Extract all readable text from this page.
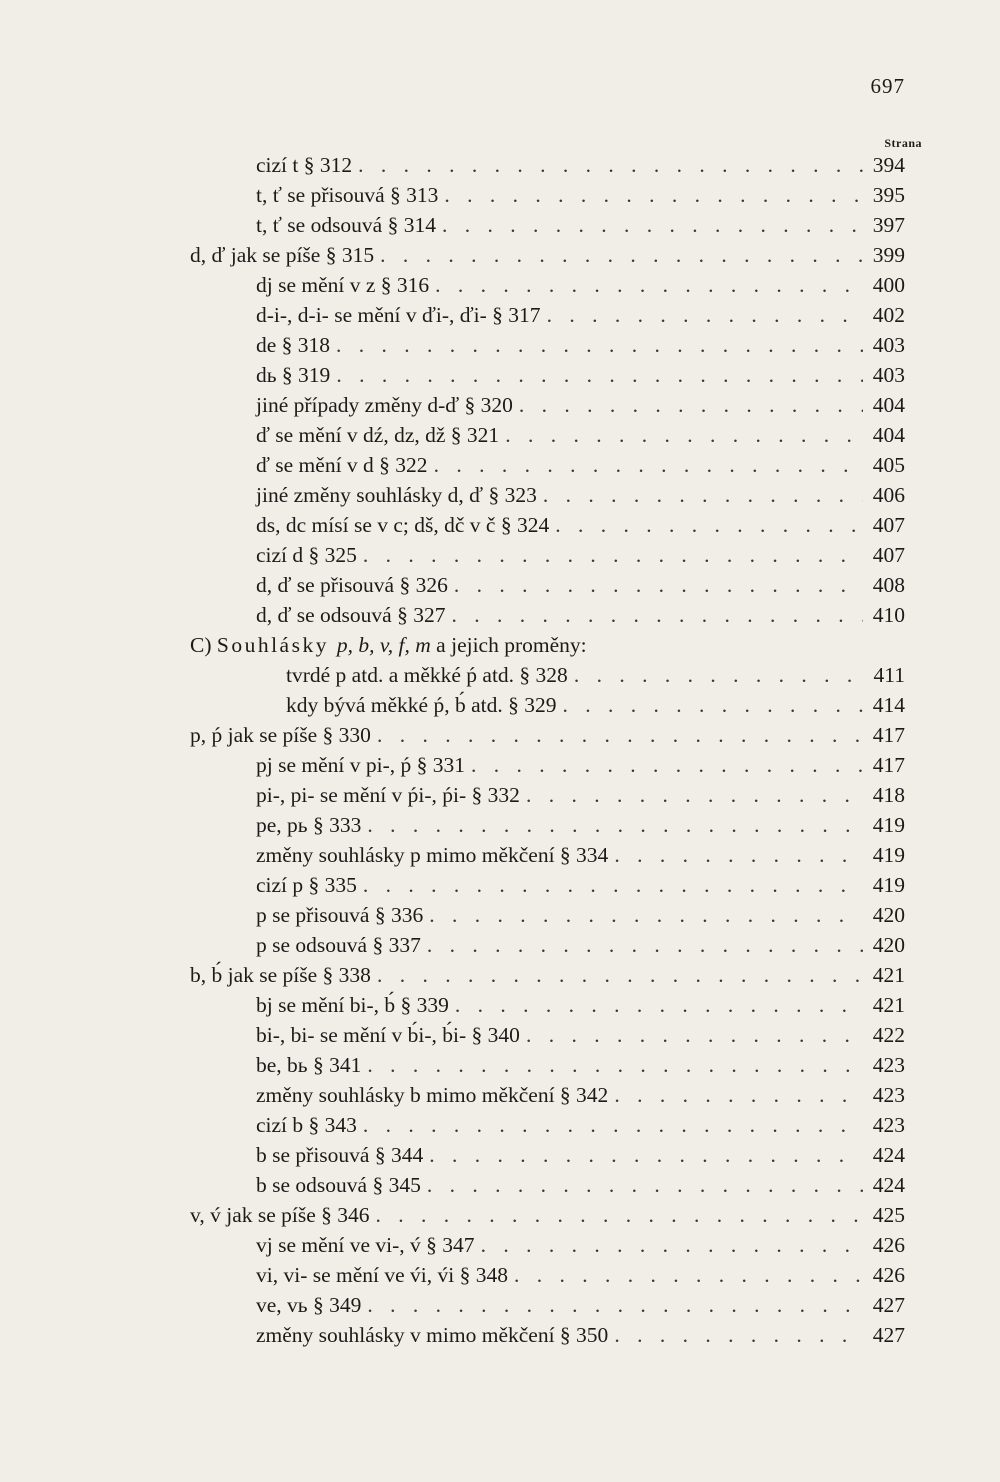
697
Strana
cizí t § 312 . . .	394
t, ť se přisouvá § 313 . . .	395
t, ť se odsouvá § 314 . . .	397
d, ď jak se píše § 315 . . .	399
dj se mění v z § 316 . . .	400
d-i-, d-i- se mění v ďi-, ďi- § 317 . . .	402
de § 318 . . .	403
dь § 319 . . .	403
jiné případy změny d-ď § 320 . . .	404
ď se mění v dź, dz, dž § 321 . . .	404
ď se mění v d § 322 . . .	405
jiné změny souhlásky d, ď § 323 . . .	406
ds, dc mísí se v c; dš, dč v č § 324 . . .	407
cizí d § 325 . . .	407
d, ď se přisouvá § 326 . . .	408
d, ď se odsouvá § 327 . . .	410
C) Souhlásky p, b, v, f, m a jejich proměny:
tvrdé p atd. a měkké ṕ atd. § 328 . . .	411
kdy bývá měkké ṕ, b́ atd. § 329 . . .	414
p, ṕ jak se píše § 330 . . .	417
pj se mění v pi-, ṕ § 331 . . .	417
pi-, pi- se mění v ṕi-, ṕi- § 332 . . .	418
pe, pь § 333 . . .	419
změny souhlásky p mimo měkčení § 334 . . .	419
cizí p § 335 . . .	419
p se přisouvá § 336 . . .	420
p se odsouvá § 337 . . .	420
b, b́ jak se píše § 338 . . .	421
bj se mění bi-, b́ § 339 . . .	421
bi-, bi- se mění v b́i-, b́i- § 340 . . .	422
be, bь § 341 . . .	423
změny souhlásky b mimo měkčení § 342 . . .	423
cizí b § 343 . . .	423
b se přisouvá § 344 . . .	424
b se odsouvá § 345 . . .	424
v, v́ jak se píše § 346 . . .	425
vj se mění ve vi-, v́ § 347 . . .	426
vi, vi- se mění ve v́i, v́i § 348 . . .	426
ve, vь § 349 . . .	427
změny souhlásky v mimo měkčení § 350 . . .	427
